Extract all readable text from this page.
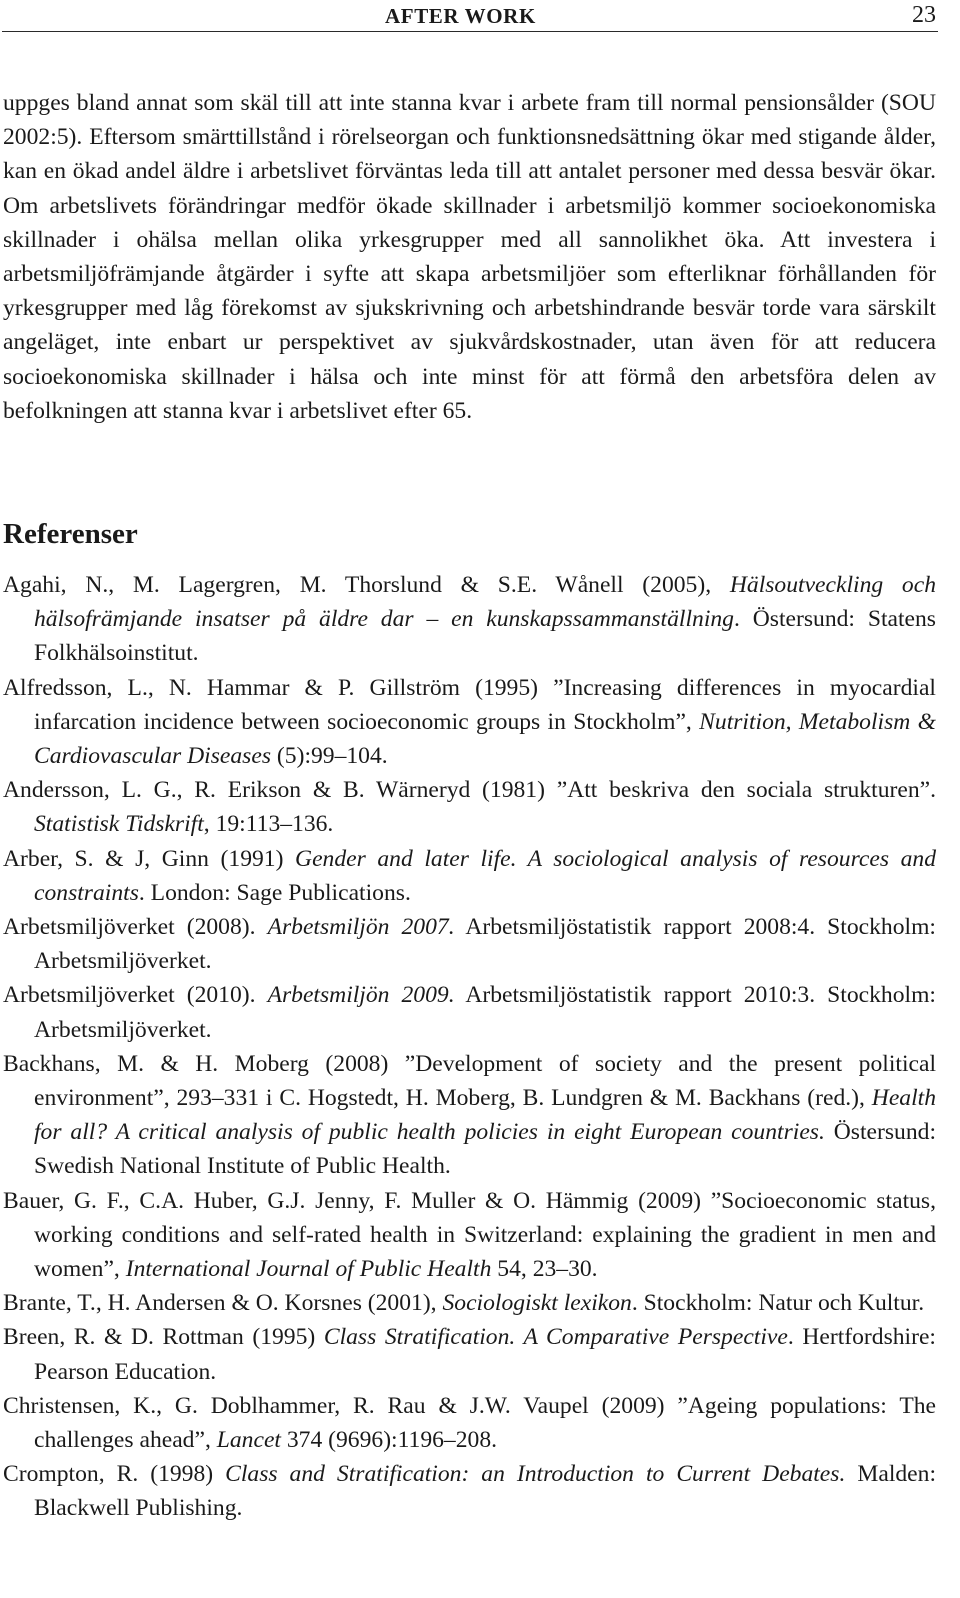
AFTER WORK	23

uppges bland annat som skäl till att inte stanna kvar i arbete fram till normal pensionsålder (SOU 2002:5). Eftersom smärttillstånd i rörelseorgan och funktionsnedsättning ökar med stigande ålder, kan en ökad andel äldre i arbetslivet förväntas leda till att antalet personer med dessa besvär ökar. Om arbetslivets förändringar medför ökade skillnader i arbetsmiljö kommer socioekonomiska skillnader i ohälsa mellan olika yrkesgrupper med all sannolikhet öka. Att investera i arbetsmiljöfrämjande åtgärder i syfte att skapa arbetsmiljöer som efterliknar förhållanden för yrkesgrupper med låg förekomst av sjukskrivning och arbetshindrande besvär torde vara särskilt angeläget, inte enbart ur perspektivet av sjukvårdskostnader, utan även för att reducera socioekonomiska skillnader i hälsa och inte minst för att förmå den arbetsföra delen av befolkningen att stanna kvar i arbetslivet efter 65.

Referenser
Agahi, N., M. Lagergren, M. Thorslund & S.E. Wånell (2005), Hälsoutveckling och hälsofrämjande insatser på äldre dar – en kunskapssammanställning. Östersund: Statens Folkhälsoinstitut.
Alfredsson, L., N. Hammar & P. Gillström (1995) ”Increasing differences in myocardial infarcation incidence between socioeconomic groups in Stockholm”, Nutrition, Metabolism & Cardiovascular Diseases (5):99–104.
Andersson, L. G., R. Erikson & B. Wärneryd (1981) ”Att beskriva den sociala strukturen”. Statistisk Tidskrift, 19:113–136.
Arber, S. & J, Ginn (1991) Gender and later life. A sociological analysis of resources and constraints. London: Sage Publications.
Arbetsmiljöverket (2008). Arbetsmiljön 2007. Arbetsmiljöstatistik rapport 2008:4. Stockholm: Arbetsmiljöverket.
Arbetsmiljöverket (2010). Arbetsmiljön 2009. Arbetsmiljöstatistik rapport 2010:3. Stockholm: Arbetsmiljöverket.
Backhans, M. & H. Moberg (2008) ”Development of society and the present political environment”, 293–331 i C. Hogstedt, H. Moberg, B. Lundgren & M. Backhans (red.), Health for all? A critical analysis of public health policies in eight European countries. Östersund: Swedish National Institute of Public Health.
Bauer, G. F., C.A. Huber, G.J. Jenny, F. Muller & O. Hämmig (2009) ”Socioeconomic status, working conditions and self-rated health in Switzerland: explaining the gradient in men and women”, International Journal of Public Health 54, 23–30.
Brante, T., H. Andersen & O. Korsnes (2001), Sociologiskt lexikon. Stockholm: Natur och Kultur.
Breen, R. & D. Rottman (1995) Class Stratification. A Comparative Perspective. Hertfordshire: Pearson Education.
Christensen, K., G. Doblhammer, R. Rau & J.W. Vaupel (2009) ”Ageing populations: The challenges ahead”, Lancet 374 (9696):1196–208.
Crompton, R. (1998) Class and Stratification: an Introduction to Current Debates. Malden: Blackwell Publishing.
